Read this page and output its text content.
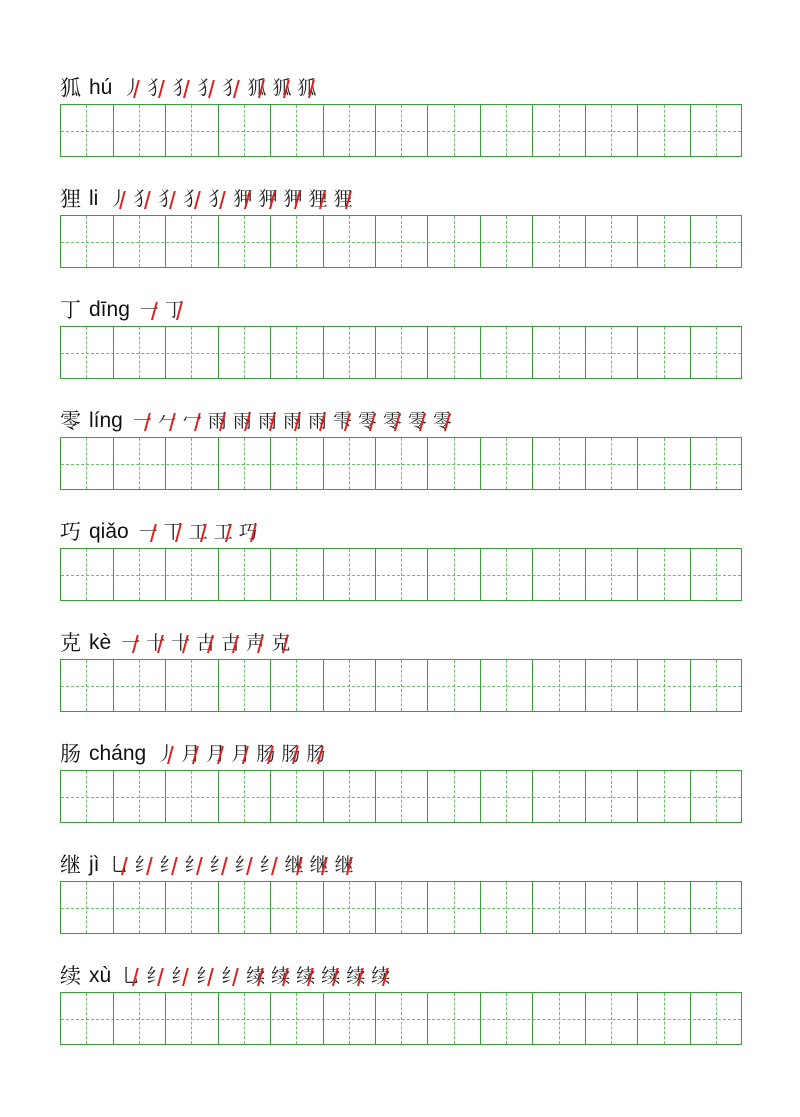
狐 hú 丿 犭 犭 犭 犭 狐 狐 狐
狸 li 丿 犭 犭 犭 犭 狎 狎 狎 狸 狸
丁 dīng 一 丁
零 líng 一 𠂉 冖 雨 雨 雨 雨 雨 雫 零 零 零 零
巧 qiǎo 一 丅 工 工 巧
克 kè 一 十 十 古 古 声 克
肠 cháng 丿 月 月 月 肠 肠 肠
继 jì 乚 纟 纟 纟 纟 纟 纟 继 继 继
续 xù 乚 纟 纟 纟 纟 续 续 续 续 续 续
